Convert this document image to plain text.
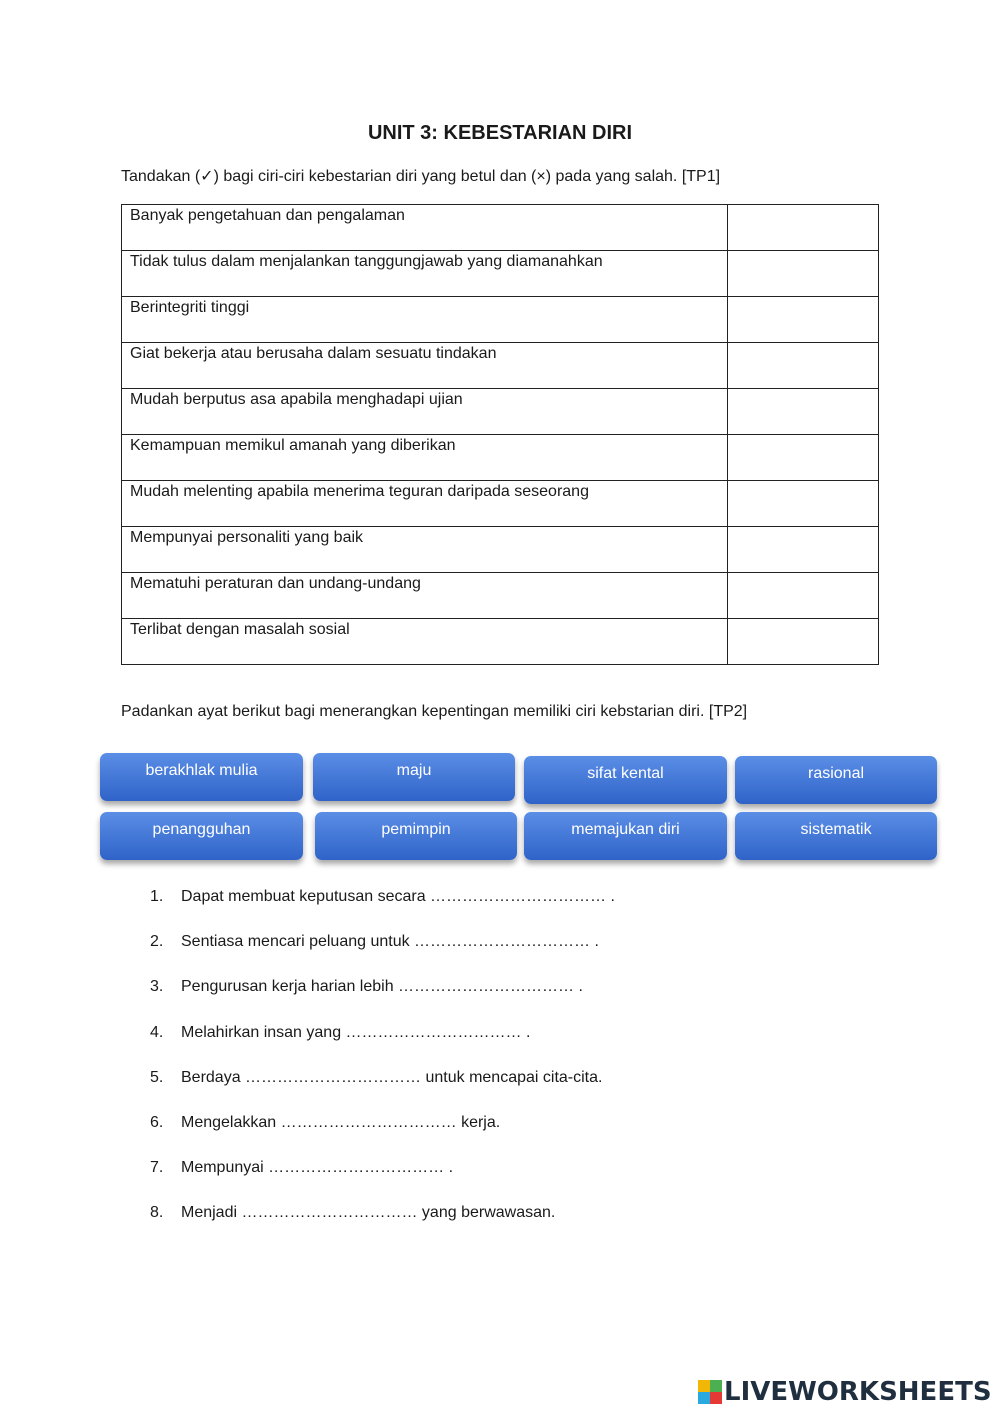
UNIT 3: KEBESTARIAN DIRI
Tandakan (✓) bagi ciri-ciri kebestarian diri yang betul dan (×) pada yang salah. [TP1]
Banyak pengetahuan dan pengalaman	
Tidak tulus dalam menjalankan tanggungjawab yang diamanahkan	
Berintegriti tinggi	
Giat bekerja atau berusaha dalam sesuatu tindakan	
Mudah berputus asa apabila menghadapi ujian	
Kemampuan memikul amanah yang diberikan	
Mudah melenting apabila menerima teguran daripada seseorang	
Mempunyai personaliti yang baik	
Mematuhi peraturan dan undang-undang	
Terlibat dengan masalah sosial	
Padankan ayat berikut bagi menerangkan kepentingan memiliki ciri kebstarian diri. [TP2]
berakhlak mulia	maju	sifat kental	rasional
penangguhan	pemimpin	memajukan diri	sistematik
1. Dapat membuat keputusan secara …………………………… .
2. Sentiasa mencari peluang untuk …………………………… .
3. Pengurusan kerja harian lebih …………………………… .
4. Melahirkan insan yang …………………………… .
5. Berdaya …………………………… untuk mencapai cita-cita.
6. Mengelakkan …………………………… kerja.
7. Mempunyai …………………………… .
8. Menjadi …………………………… yang berwawasan.
LIVEWORKSHEETS
